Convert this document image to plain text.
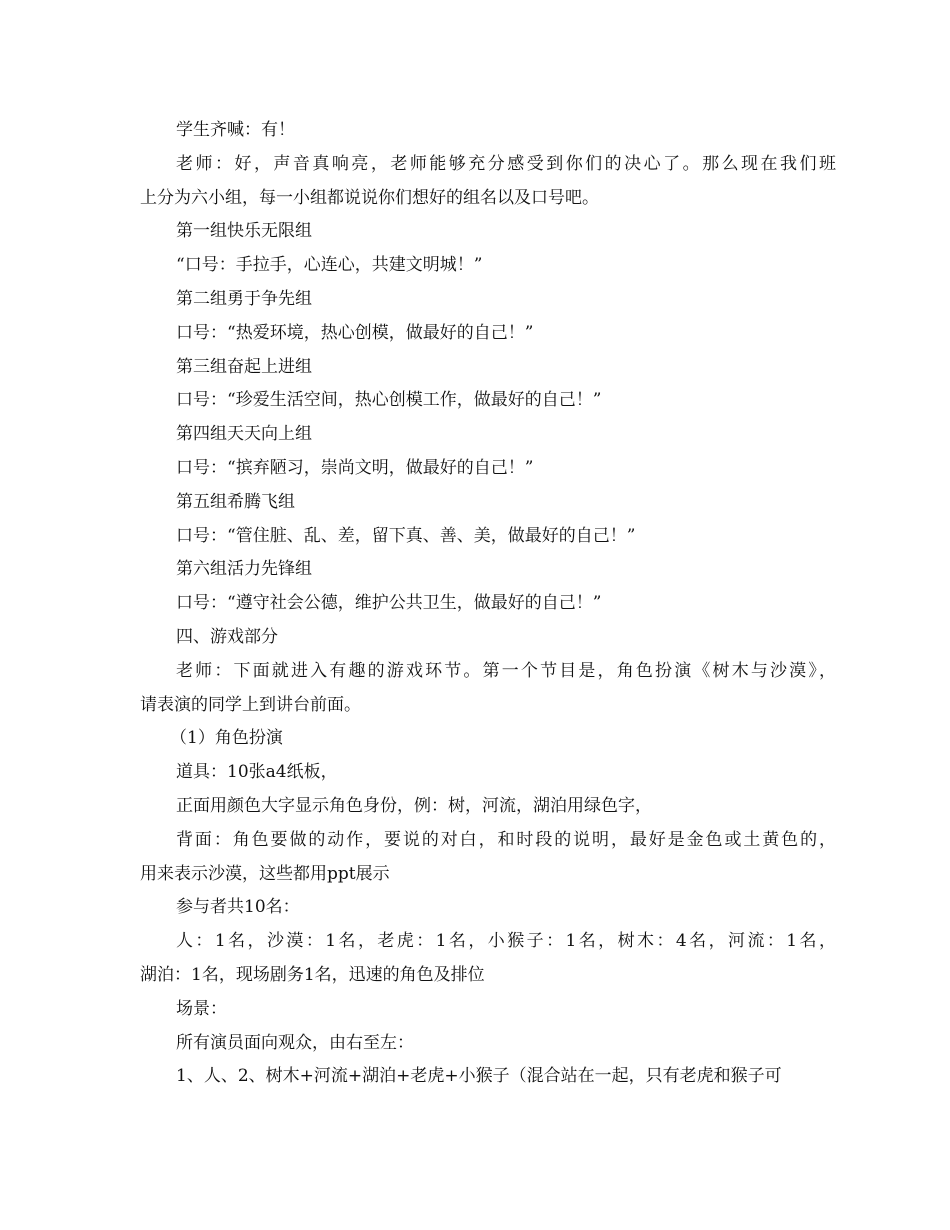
学生齐喊：有！
老师：好，声音真响亮，老师能够充分感受到你们的决心了。那么现在我们班
上分为六小组，每一小组都说说你们想好的组名以及口号吧。
第一组快乐无限组
“口号：手拉手，心连心，共建文明城！”
第二组勇于争先组
口号：“热爱环境，热心创模，做最好的自己！”
第三组奋起上进组
口号：“珍爱生活空间，热心创模工作，做最好的自己！”
第四组天天向上组
口号：“摈弃陋习，崇尚文明，做最好的自己！”
第五组希腾飞组
口号：“管住脏、乱、差，留下真、善、美，做最好的自己！”
第六组活力先锋组
口号：“遵守社会公德，维护公共卫生，做最好的自己！”
四、游戏部分
老师：下面就进入有趣的游戏环节。第一个节目是，角色扮演《树木与沙漠》，
请表演的同学上到讲台前面。
（1）角色扮演
道具：10张a4纸板，
正面用颜色大字显示角色身份，例：树，河流，湖泊用绿色字，
背面：角色要做的动作，要说的对白，和时段的说明，最好是金色或土黄色的，
用来表示沙漠，这些都用ppt展示
参与者共10名：
人：1名，沙漠：1名，老虎：1名，小猴子：1名，树木：4名，河流：1名，
湖泊：1名，现场剧务1名，迅速的角色及排位
场景：
所有演员面向观众，由右至左：
1、人、2、树木+河流+湖泊+老虎+小猴子（混合站在一起，只有老虎和猴子可
